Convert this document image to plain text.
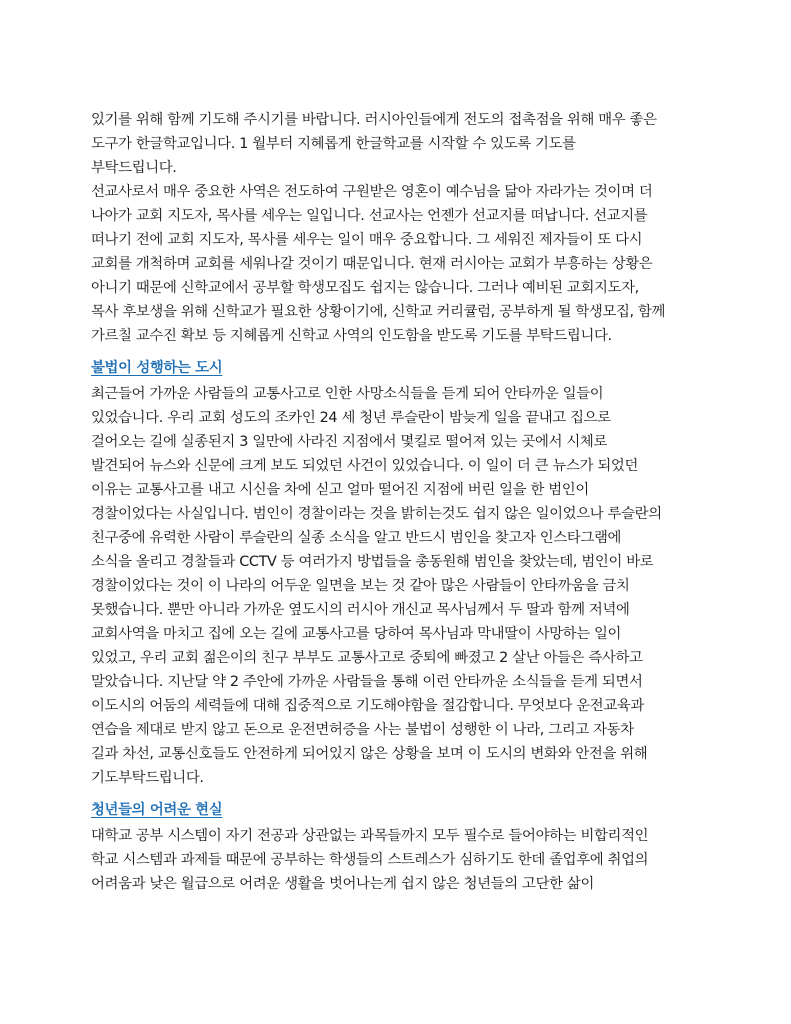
있기를 위해 함께 기도해 주시기를 바랍니다. 러시아인들에게 전도의 접촉점을 위해 매우 좋은
도구가 한글학교입니다. 1 월부터 지혜롭게 한글학교를 시작할 수 있도록 기도를
부탁드립니다.
선교사로서 매우 중요한 사역은 전도하여 구원받은 영혼이 예수님을 닮아 자라가는 것이며 더
나아가 교회 지도자, 목사를 세우는 일입니다. 선교사는 언젠가 선교지를 떠납니다. 선교지를
떠나기 전에 교회 지도자, 목사를 세우는 일이 매우 중요합니다. 그 세워진 제자들이 또 다시
교회를 개척하며 교회를 세워나갈 것이기 때문입니다. 현재 러시아는 교회가 부흥하는 상황은
아니기 때문에 신학교에서 공부할 학생모집도 쉽지는 않습니다. 그러나 예비된 교회지도자,
목사 후보생을 위해 신학교가 필요한 상황이기에, 신학교 커리큘럼, 공부하게 될 학생모집, 함께
가르칠 교수진 확보 등 지혜롭게 신학교 사역의 인도함을 받도록 기도를 부탁드립니다.
불법이 성행하는 도시
최근들어 가까운 사람들의 교통사고로 인한 사망소식들을 듣게 되어 안타까운 일들이
있었습니다. 우리 교회 성도의 조카인 24 세 청년 루슬란이 밤늦게 일을 끝내고 집으로
걸어오는 길에 실종된지 3 일만에 사라진 지점에서 몇킬로 떨어져 있는 곳에서 시체로
발견되어 뉴스와 신문에 크게 보도 되었던 사건이 있었습니다. 이 일이 더 큰 뉴스가 되었던
이유는 교통사고를 내고 시신을 차에 싣고 얼마 떨어진 지점에 버린 일을 한 범인이
경찰이었다는 사실입니다. 범인이 경찰이라는 것을 밝히는것도 쉽지 않은 일이었으나 루슬란의
친구중에 유력한 사람이 루슬란의 실종 소식을 알고 반드시 범인을 찾고자 인스타그램에
소식을 올리고 경찰들과 CCTV 등 여러가지 방법들을 총동원해 범인을 찾았는데, 범인이 바로
경찰이었다는 것이 이 나라의 어두운 일면을 보는 것 같아 많은 사람들이 안타까움을 금치
못했습니다. 뿐만 아니라 가까운 옆도시의 러시아 개신교 목사님께서 두 딸과 함께 저녁에
교회사역을 마치고 집에 오는 길에 교통사고를 당하여 목사님과 막내딸이 사망하는 일이
있었고, 우리 교회 젊은이의 친구 부부도 교통사고로 중퇴에 빠졌고 2 살난 아들은 즉사하고
말았습니다. 지난달 약 2 주안에 가까운 사람들을 통해 이런 안타까운 소식들을 듣게 되면서
이도시의 어둠의 세력들에 대해 집중적으로 기도해야함을 절감합니다. 무엇보다 운전교육과
연습을 제대로 받지 않고 돈으로 운전면허증을 사는 불법이 성행한 이 나라, 그리고 자동차
길과 차선, 교통신호들도 안전하게 되어있지 않은 상황을 보며 이 도시의 변화와 안전을 위해
기도부탁드립니다.
청년들의 어려운 현실
대학교 공부 시스템이 자기 전공과 상관없는 과목들까지 모두 필수로 들어야하는 비합리적인
학교 시스템과 과제들 때문에 공부하는 학생들의 스트레스가 심하기도 한데 졸업후에 취업의
어려움과 낮은 월급으로 어려운 생활을 벗어나는게 쉽지 않은 청년들의 고단한 삶이
